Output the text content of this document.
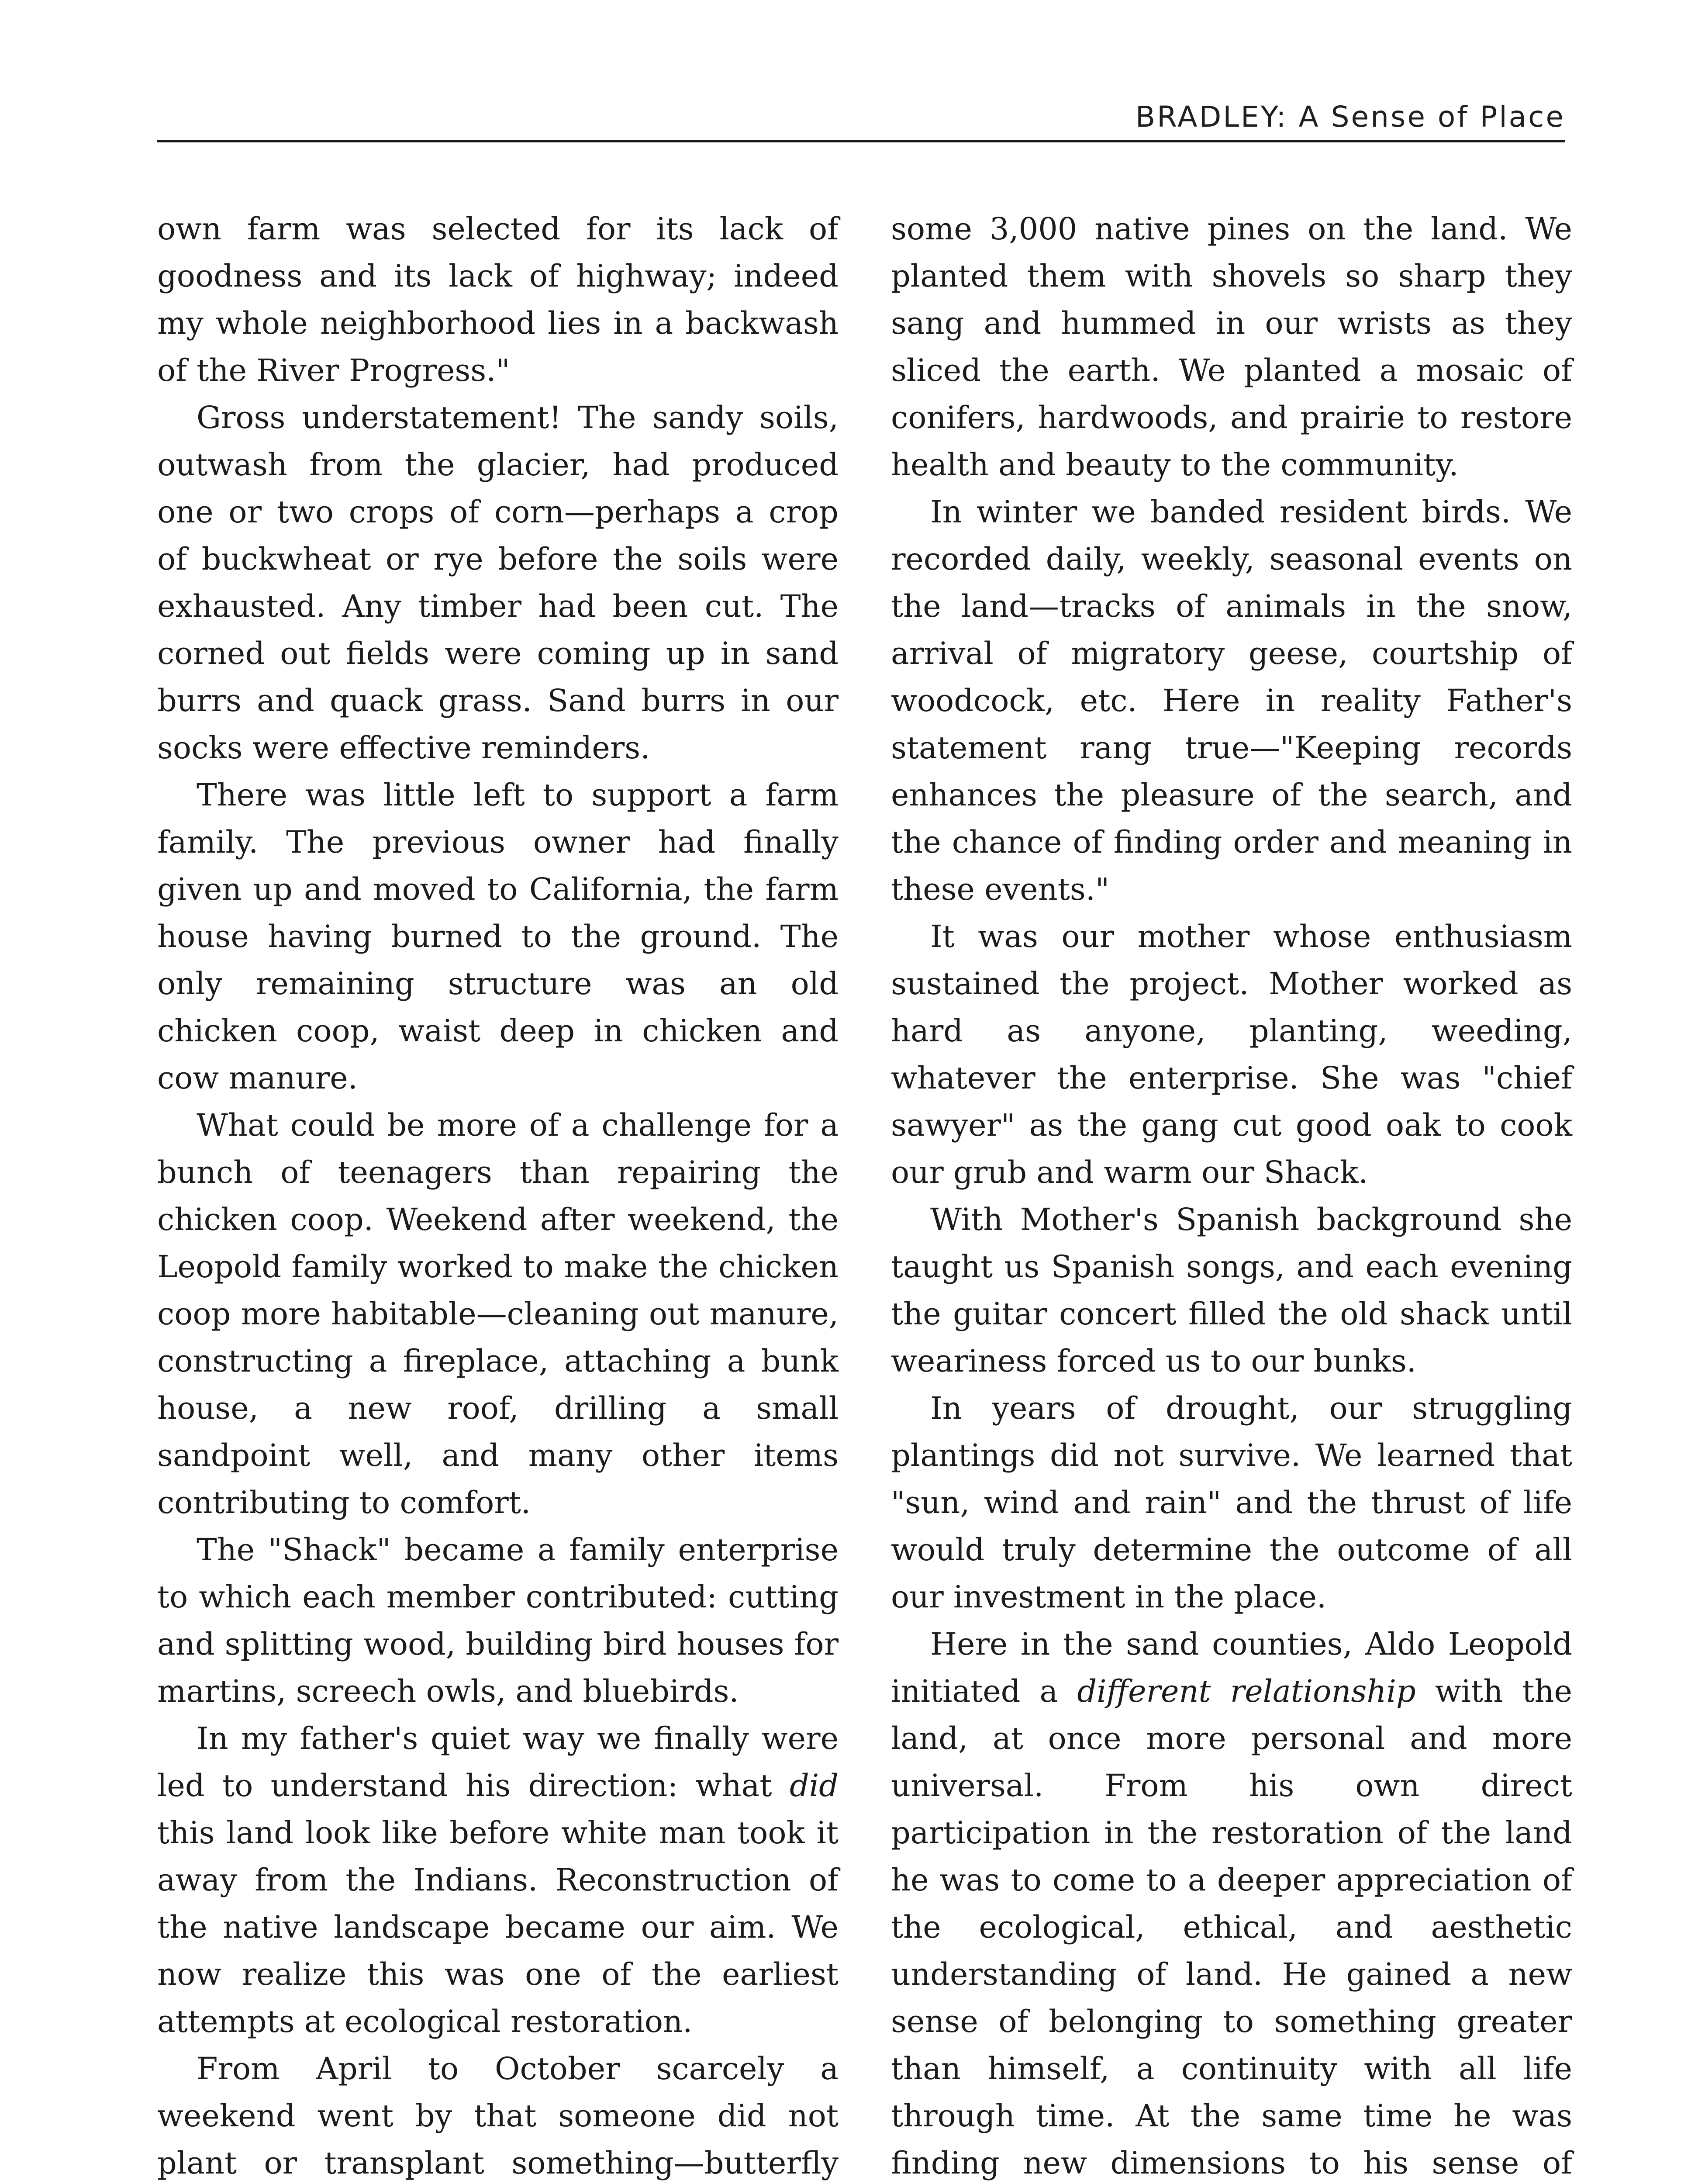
BRADLEY: A Sense of Place

own farm was selected for its lack of goodness and its lack of highway; indeed my whole neighborhood lies in a backwash of the River Progress."

Gross understatement! The sandy soils, outwash from the glacier, had produced one or two crops of corn—perhaps a crop of buckwheat or rye before the soils were exhausted. Any timber had been cut. The corned out fields were coming up in sand burrs and quack grass. Sand burrs in our socks were effective reminders.

There was little left to support a farm family. The previous owner had finally given up and moved to California, the farm house having burned to the ground. The only remaining structure was an old chicken coop, waist deep in chicken and cow manure.

What could be more of a challenge for a bunch of teenagers than repairing the chicken coop. Weekend after weekend, the Leopold family worked to make the chicken coop more habitable—cleaning out manure, constructing a fireplace, attaching a bunk house, a new roof, drilling a small sandpoint well, and many other items contributing to comfort.

The "Shack" became a family enterprise to which each member contributed: cutting and splitting wood, building bird houses for martins, screech owls, and bluebirds.

In my father's quiet way we finally were led to understand his direction: what did this land look like before white man took it away from the Indians. Reconstruction of the native landscape became our aim. We now realize this was one of the earliest attempts at ecological restoration.

From April to October scarcely a weekend went by that someone did not plant or transplant something—butterfly

some 3,000 native pines on the land. We planted them with shovels so sharp they sang and hummed in our wrists as they sliced the earth. We planted a mosaic of conifers, hardwoods, and prairie to restore health and beauty to the community.

In winter we banded resident birds. We recorded daily, weekly, seasonal events on the land—tracks of animals in the snow, arrival of migratory geese, courtship of woodcock, etc. Here in reality Father's statement rang true—"Keeping records enhances the pleasure of the search, and the chance of finding order and meaning in these events."

It was our mother whose enthusiasm sustained the project. Mother worked as hard as anyone, planting, weeding, whatever the enterprise. She was "chief sawyer" as the gang cut good oak to cook our grub and warm our Shack.

With Mother's Spanish background she taught us Spanish songs, and each evening the guitar concert filled the old shack until weariness forced us to our bunks.

In years of drought, our struggling plantings did not survive. We learned that "sun, wind and rain" and the thrust of life would truly determine the outcome of all our investment in the place.

Here in the sand counties, Aldo Leopold initiated a different relationship with the land, at once more personal and more universal. From his own direct participation in the restoration of the land he was to come to a deeper appreciation of the ecological, ethical, and aesthetic understanding of land. He gained a new sense of belonging to something greater than himself, a continuity with all life through time. At the same time he was finding new dimensions to his sense of
